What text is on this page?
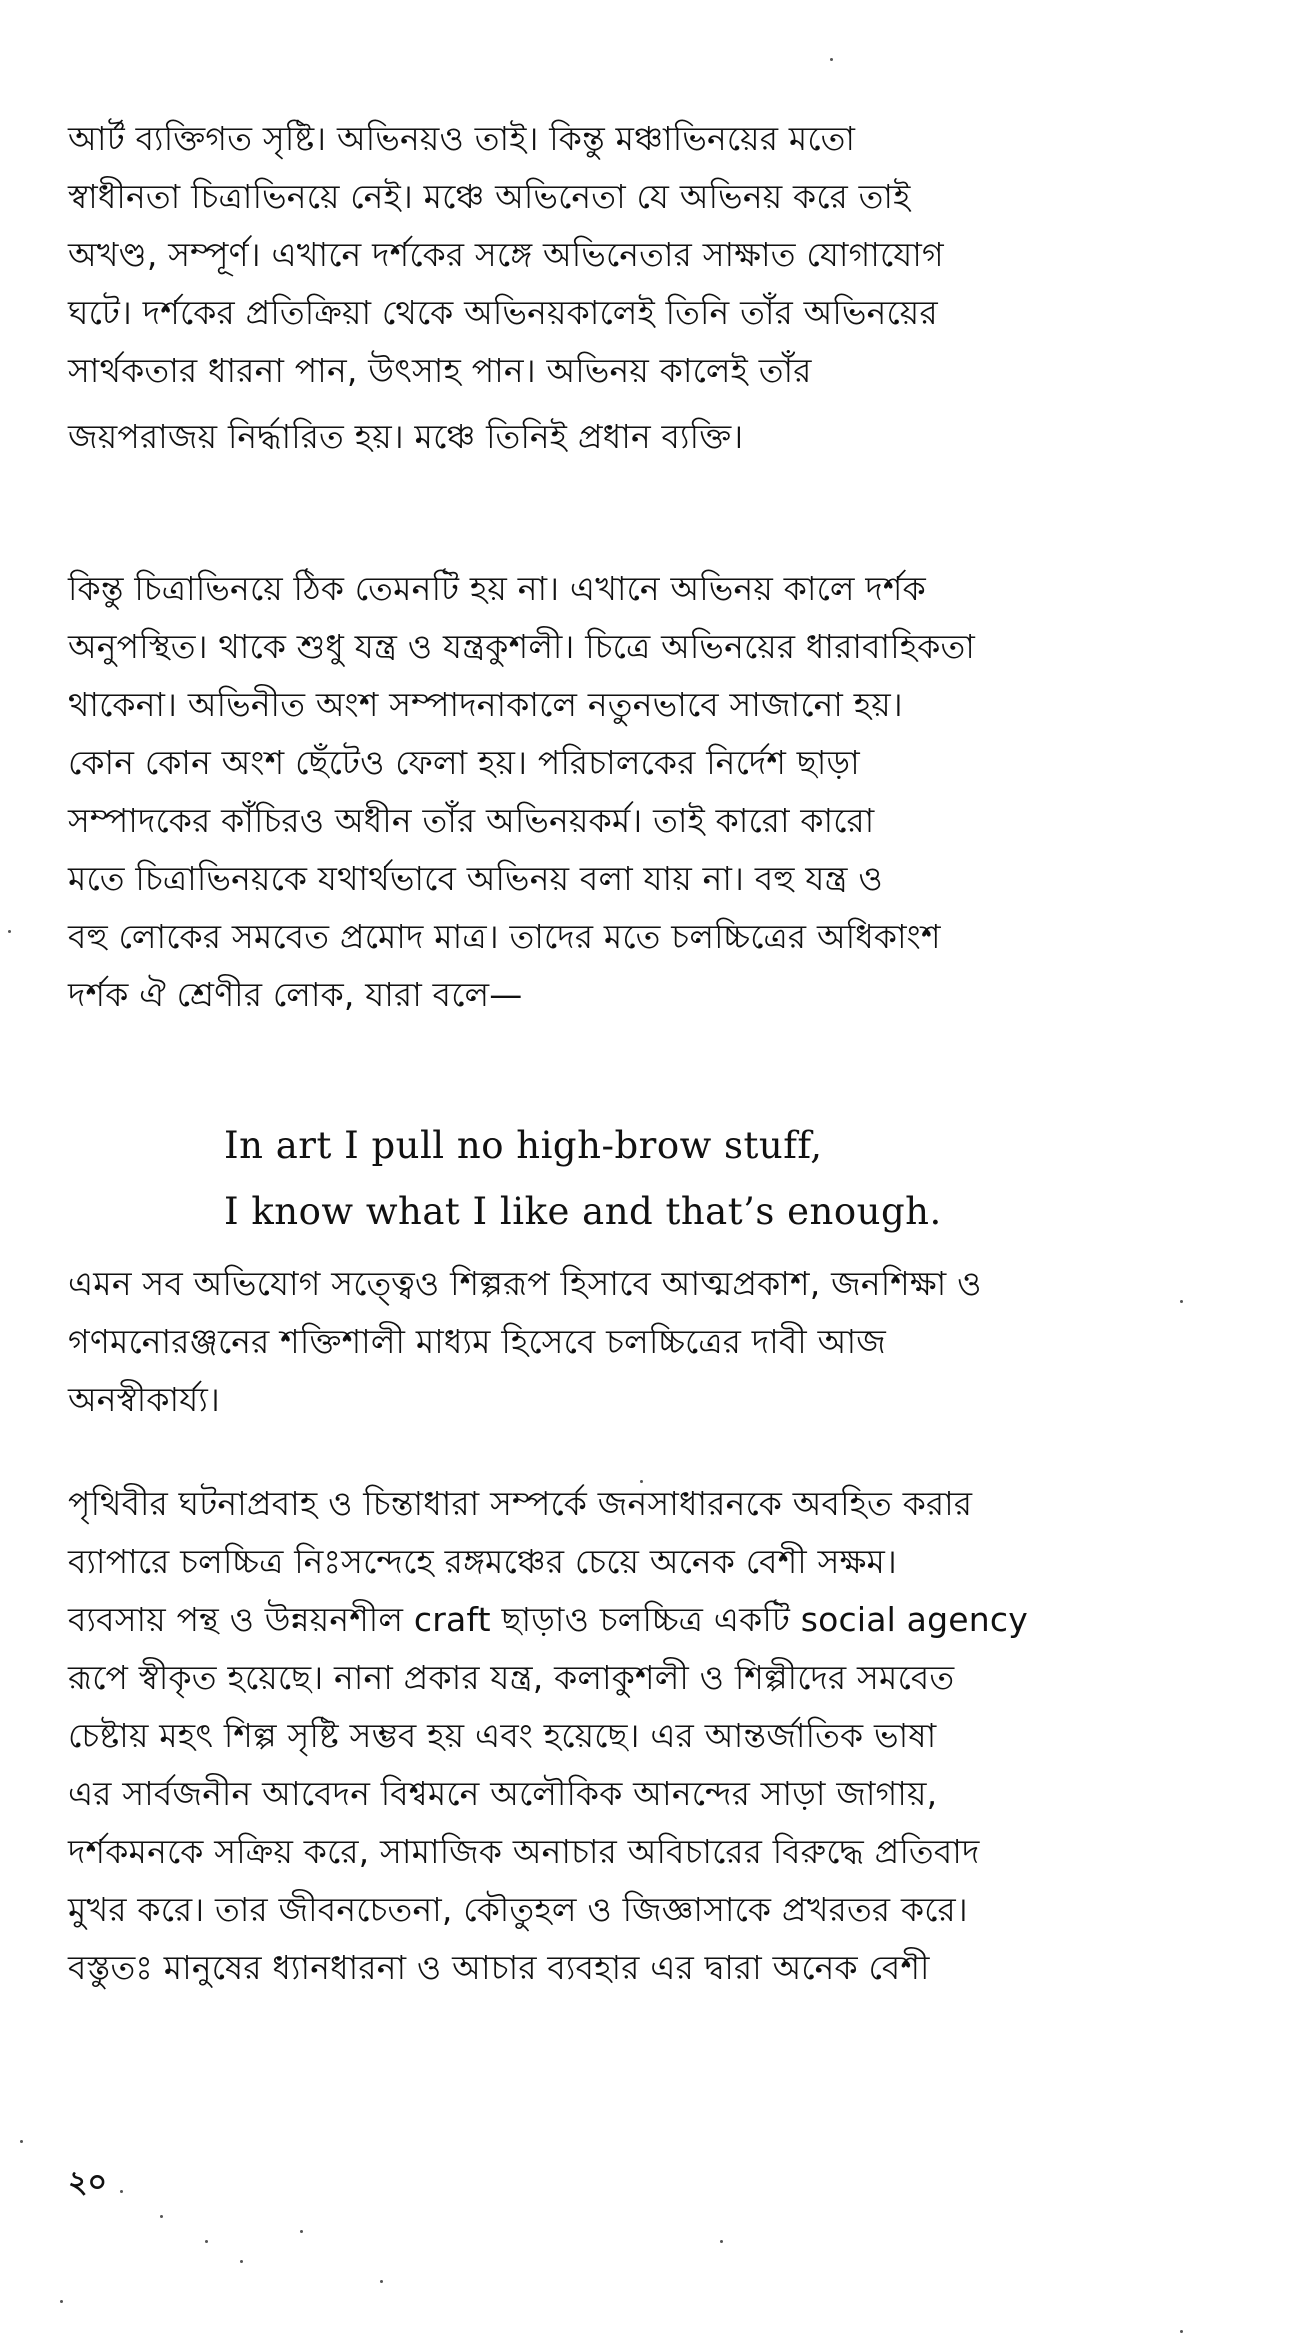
আর্ট ব্যক্তিগত সৃষ্টি। অভিনয়ও তাই। কিন্তু মঞ্চাভিনয়ের মতো
স্বাধীনতা চিত্রাভিনয়ে নেই। মঞ্চে অভিনেতা যে অভিনয় করে তাই
অখণ্ড, সম্পূর্ণ। এখানে দর্শকের সঙ্গে অভিনেতার সাক্ষাত যোগাযোগ
ঘটে। দর্শকের প্রতিক্রিয়া থেকে অভিনয়কালেই তিনি তাঁর অভিনয়ের
সার্থকতার ধারনা পান, উৎসাহ পান। অভিনয় কালেই তাঁর
জয়পরাজয় নির্দ্ধারিত হয়। মঞ্চে তিনিই প্রধান ব্যক্তি।
কিন্তু চিত্রাভিনয়ে ঠিক তেমনটি হয় না। এখানে অভিনয় কালে দর্শক
অনুপস্থিত। থাকে শুধু যন্ত্র ও যন্ত্রকুশলী। চিত্রে অভিনয়ের ধারাবাহিকতা
থাকেনা। অভিনীত অংশ সম্পাদনাকালে নতুনভাবে সাজানো হয়।
কোন কোন অংশ ছেঁটেও ফেলা হয়। পরিচালকের নির্দেশ ছাড়া
সম্পাদকের কাঁচিরও অধীন তাঁর অভিনয়কর্ম। তাই কারো কারো
মতে চিত্রাভিনয়কে যথার্থভাবে অভিনয় বলা যায় না। বহু যন্ত্র ও
বহু লোকের সমবেত প্রমোদ মাত্র। তাদের মতে চলচ্চিত্রের অধিকাংশ
দর্শক ঐ শ্রেণীর লোক, যারা বলে—
In art I pull no high-brow stuff,
I know what I like and that’s enough.
এমন সব অভিযোগ সত্ত্বেও শিল্পরূপ হিসাবে আত্মপ্রকাশ, জনশিক্ষা ও
গণমনোরঞ্জনের শক্তিশালী মাধ্যম হিসেবে চলচ্চিত্রের দাবী আজ
অনস্বীকার্য্য।
পৃথিবীর ঘটনাপ্রবাহ ও চিন্তাধারা সম্পর্কে জনসাধারনকে অবহিত করার
ব্যাপারে চলচ্চিত্র নিঃসন্দেহে রঙ্গমঞ্চের চেয়ে অনেক বেশী সক্ষম।
ব্যবসায় পন্থ ও উন্নয়নশীল craft ছাড়াও চলচ্চিত্র একটি social agency
রূপে স্বীকৃত হয়েছে। নানা প্রকার যন্ত্র, কলাকুশলী ও শিল্পীদের সমবেত
চেষ্টায় মহৎ শিল্প সৃষ্টি সম্ভব হয় এবং হয়েছে। এর আন্তর্জাতিক ভাষা
এর সার্বজনীন আবেদন বিশ্বমনে অলৌকিক আনন্দের সাড়া জাগায়,
দর্শকমনকে সক্রিয় করে, সামাজিক অনাচার অবিচারের বিরুদ্ধে প্রতিবাদ
মুখর করে। তার জীবনচেতনা, কৌতুহল ও জিজ্ঞাসাকে প্রখরতর করে।
বস্তুতঃ মানুষের ধ্যানধারনা ও আচার ব্যবহার এর দ্বারা অনেক বেশী
২০
